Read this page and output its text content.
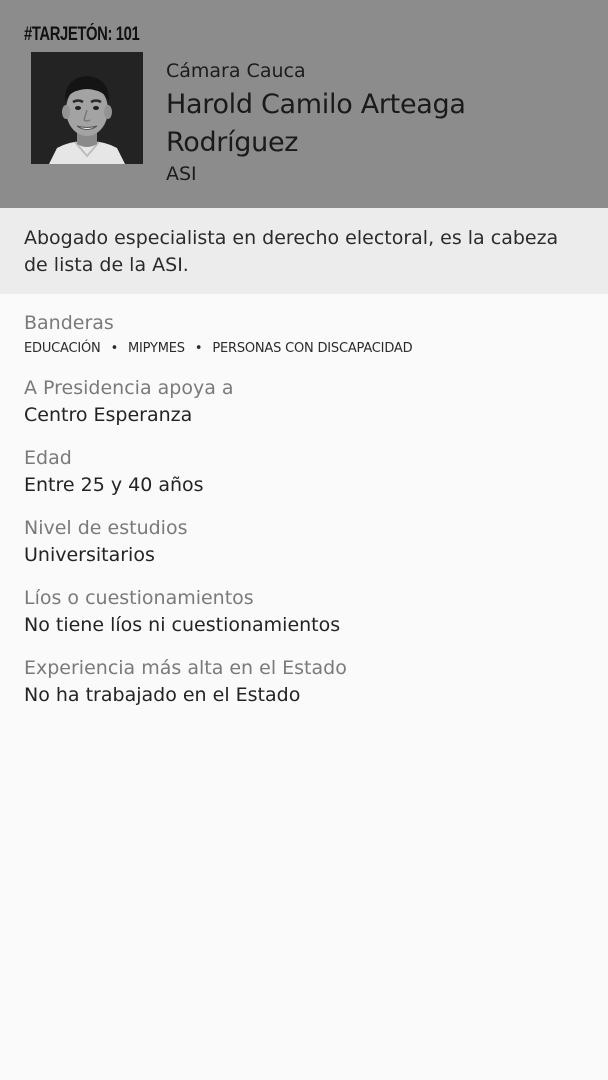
#TARJETÓN: 101
Cámara Cauca
Harold Camilo Arteaga Rodríguez
ASI
Abogado especialista en derecho electoral, es la cabeza de lista de la ASI.
Banderas
EDUCACIÓN • MIPYMES • PERSONAS CON DISCAPACIDAD
A Presidencia apoya a
Centro Esperanza
Edad
Entre 25 y 40 años
Nivel de estudios
Universitarios
Líos o cuestionamientos
No tiene líos ni cuestionamientos
Experiencia más alta en el Estado
No ha trabajado en el Estado
